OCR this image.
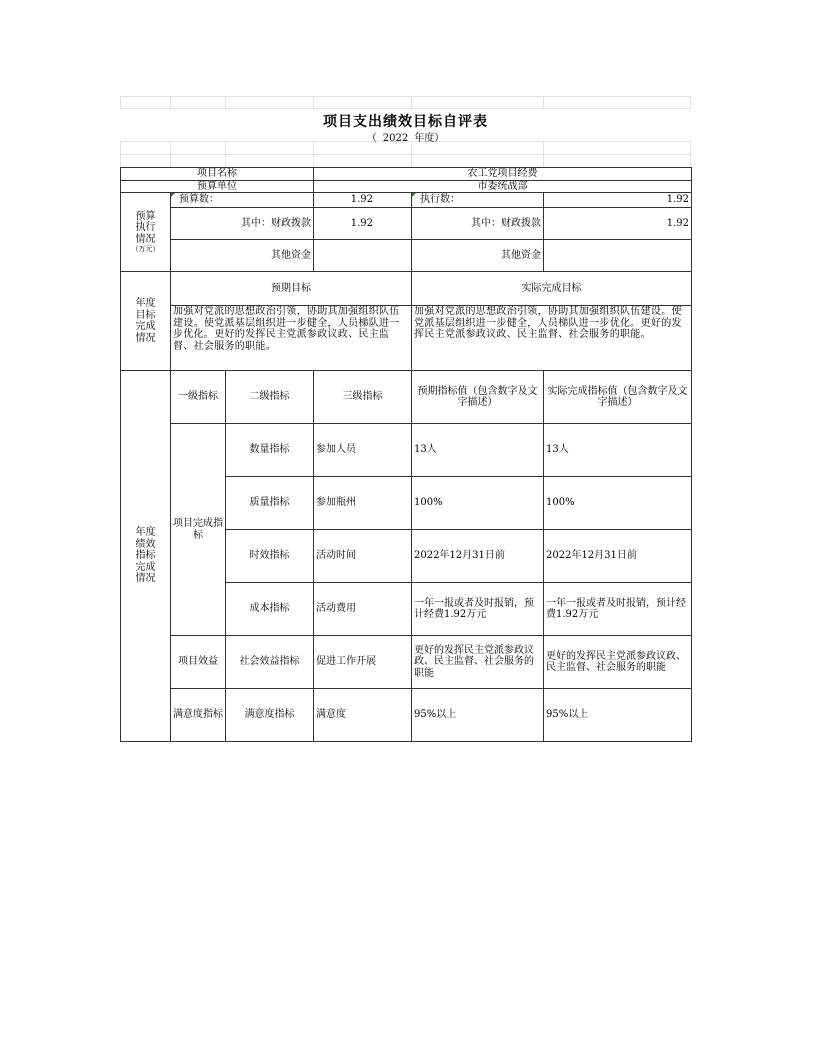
项目支出绩效目标自评表
（ 2022 年度）
项目名称			农工党项目经费		
预算单位			市委统战部		

预算
执行
情况
（万元）	预算数：		1.92	执行数：	1.92
	其中：财政拨款		1.92	其中：财政拨款	1.92
	其他资金			其他资金	

年度
目标
完成
情况	预期目标			实际完成目标	
	加强对党派的思想政治引领，协助其加强组织队伍建设。使党派基层组织进一步健全，人员梯队进一步优化。更好的发挥民主党派参政议政、民主监督、社会服务的职能。			加强对党派的思想政治引领，协助其加强组织队伍建设。使党派基层组织进一步健全，人员梯队进一步优化。更好的发挥民主党派参政议政、民主监督、社会服务的职能。	

年度
绩效
指标
完成
情况	一级指标	二级指标	三级指标	预期指标值（包含数字及文字描述）	实际完成指标值（包含数字及文字描述）
	项目完成指标	数量指标	参加人员	13人	13人
		质量指标	参加瓶州	100%	100%
		时效指标	活动时间	2022年12月31日前	2022年12月31日前
		成本指标	活动费用	一年一报或者及时报销，预计经费1.92万元	一年一报或者及时报销，预计经费1.92万元
	项目效益	社会效益指标	促进工作开展	更好的发挥民主党派参政议政、民主监督、社会服务的职能	更好的发挥民主党派参政议政、民主监督、社会服务的职能
	满意度指标	满意度指标	满意度	95%以上	95%以上
